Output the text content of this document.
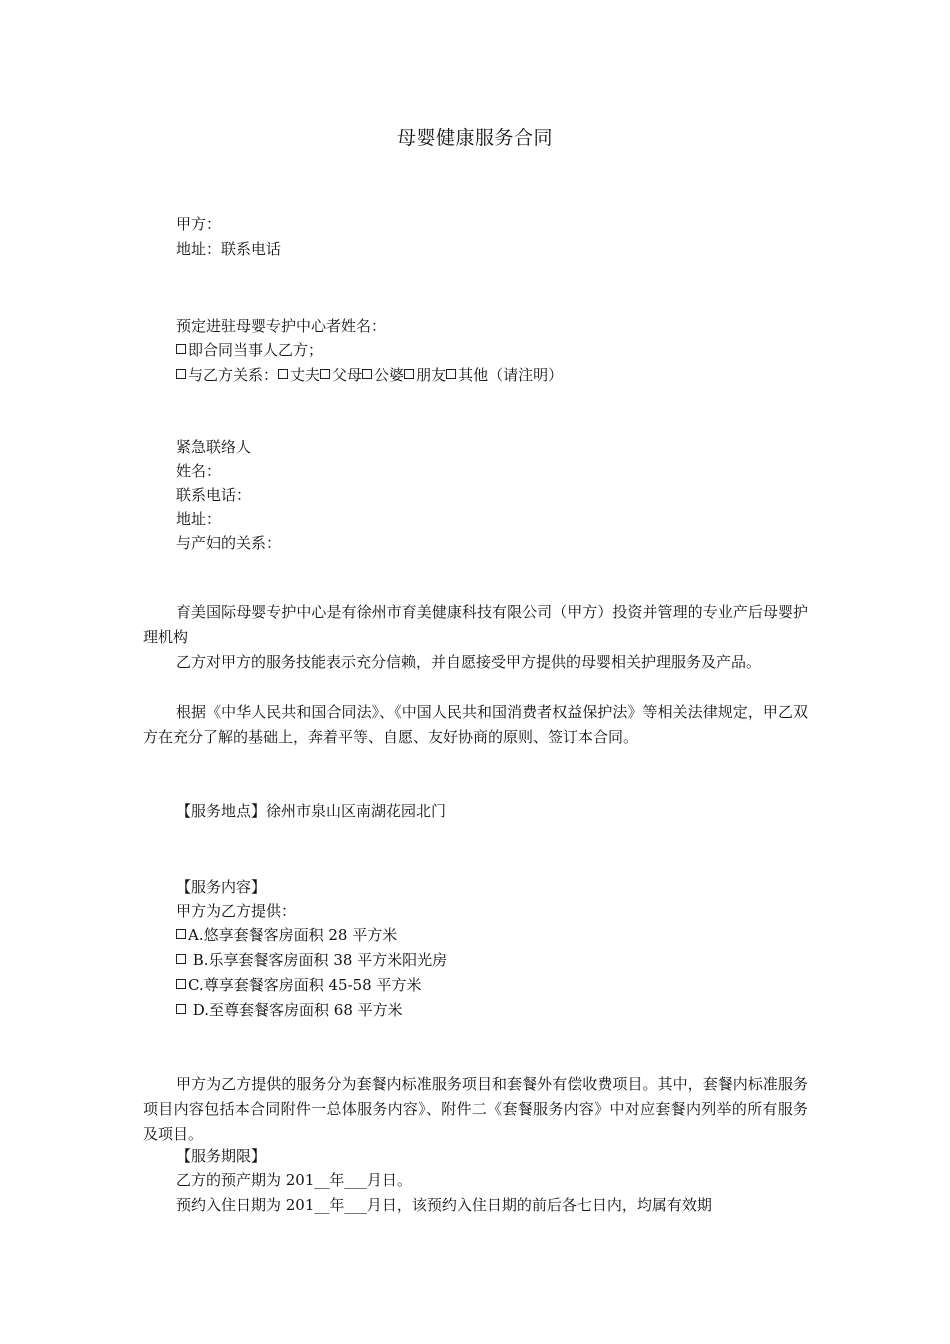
母婴健康服务合同
甲方：
地址：联系电话
预定进驻母婴专护中心者姓名：
即合同当事人乙方；
与乙方关系： 丈夫 父母 公婆 朋友 其他（请注明）
紧急联络人
姓名：
联系电话：
地址：
与产妇的关系：
育美国际母婴专护中心是有徐州市育美健康科技有限公司（甲方）投资并管理的专业产后母婴护理机构
乙方对甲方的服务技能表示充分信赖，并自愿接受甲方提供的母婴相关护理服务及产品。
根据《中华人民共和国合同法》、《中国人民共和国消费者权益保护法》等相关法律规定，甲乙双方在充分了解的基础上，奔着平等、自愿、友好协商的原则、签订本合同。
【服务地点】徐州市泉山区南湖花园北门
【服务内容】
甲方为乙方提供：
A.悠享套餐客房面积 28 平方米
B.乐享套餐客房面积 38 平方米阳光房
C.尊享套餐客房面积 45-58 平方米
D.至尊套餐客房面积 68 平方米
甲方为乙方提供的服务分为套餐内标准服务项目和套餐外有偿收费项目。其中，套餐内标准服务项目内容包括本合同附件一总体服务内容》、附件二《套餐服务内容》中对应套餐内列举的所有服务及项目。
【服务期限】
乙方的预产期为 201__年___月日。
预约入住日期为 201__年___月日，该预约入住日期的前后各七日内，均属有效期
